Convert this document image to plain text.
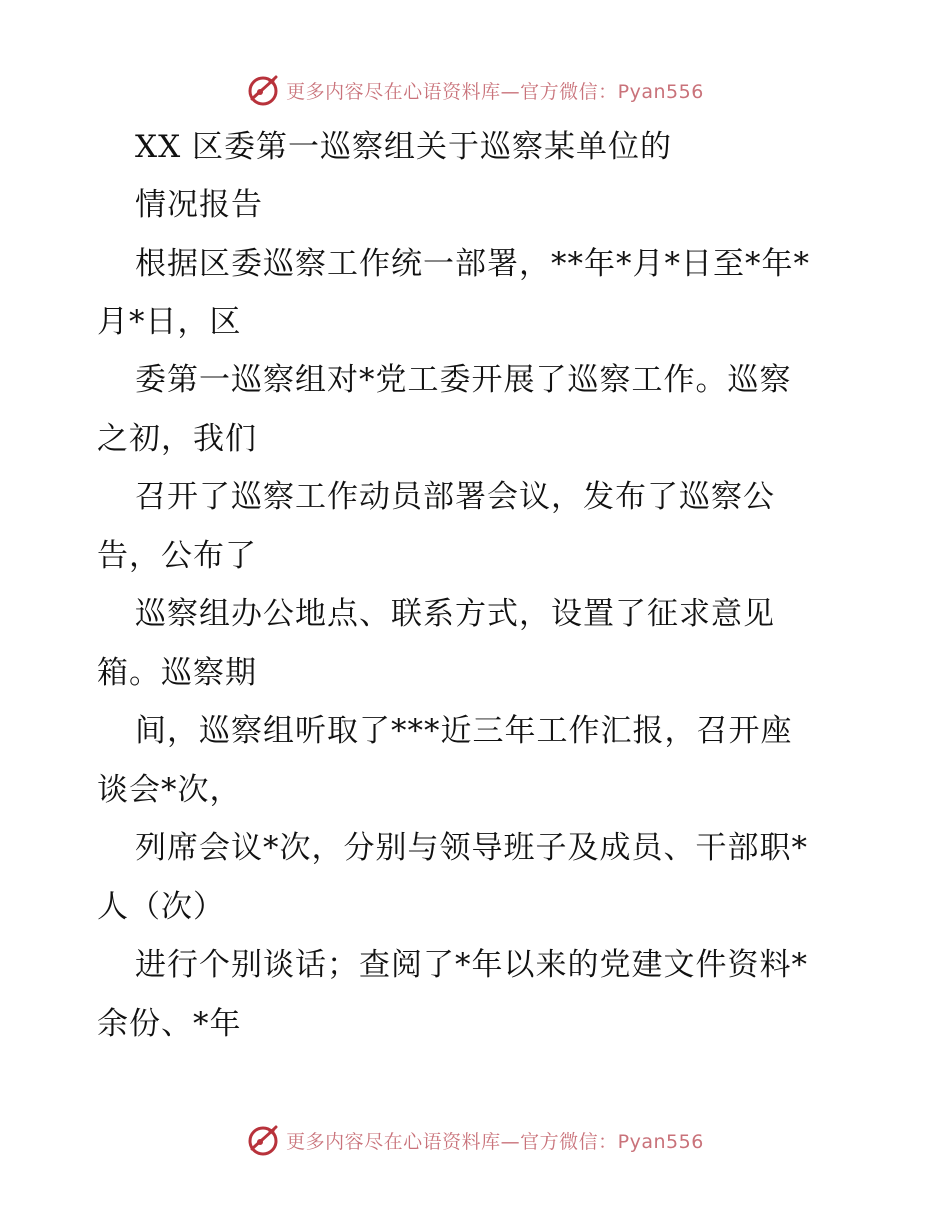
更多内容尽在心语资料库—官方微信：Pyan556
XX 区委第一巡察组关于巡察某单位的
情况报告
根据区委巡察工作统一部署，**年*月*日至*年*
月*日，区
委第一巡察组对*党工委开展了巡察工作。巡察
之初，我们
召开了巡察工作动员部署会议，发布了巡察公
告，公布了
巡察组办公地点、联系方式，设置了征求意见
箱。巡察期
间，巡察组听取了***近三年工作汇报，召开座
谈会*次，
列席会议*次，分别与领导班子及成员、干部职*
人（次）
进行个别谈话；查阅了*年以来的党建文件资料*
余份、*年
更多内容尽在心语资料库—官方微信：Pyan556
